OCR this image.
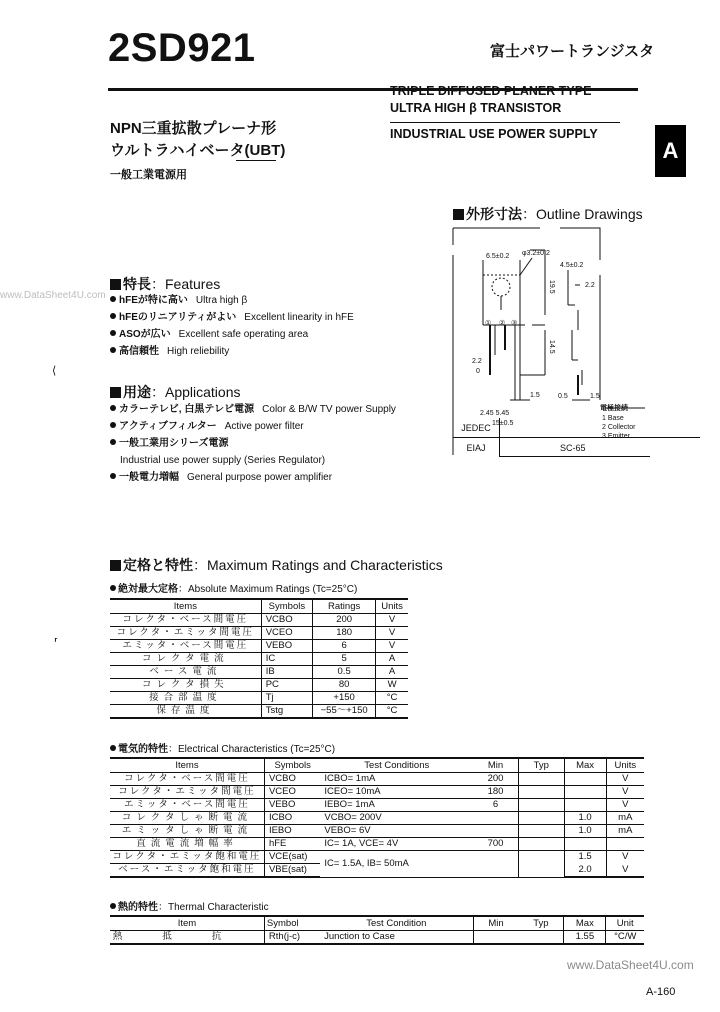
2SD921	富士パワートランジスタ
NPN三重拡散プレーナ形
ウルトラハイベータ(UBT)
一般工業電源用
TRIPLE DIFFUSED PLANER TYPE
ULTRA HIGH β TRANSISTOR
INDUSTRIAL USE POWER SUPPLY
A
www.DataSheet4U.com
⟨
⸢
特長：Features
hFEが特に高い Ultra high β
hFEのリニアリティがよい Excellent linearity in hFE
ASOが広い Excellent safe operating area
高信頼性 High reliebility
用途：Applications
カラーテレビ, 白黒テレビ電源 Color & B/W TV power Supply
アクティブフィルター Active power filter
一般工業用シリーズ電源
Industrial use power supply (Series Regulator)
一般電力増幅 General purpose power amplifier
外形寸法：Outline Drawings
6.5±0.2 φ3.2±0.2
19.5
14.5
① ② ③
2.2
0
2.45 5.45
15±0.5
1.5
4.5±0.2
2.2
0.5	1.5
電極接続
1 Base
2 Collector
3 Emitter
JEDEC	
EIAJ	SC-65
定格と特性：Maximum Ratings and Characteristics
絶対最大定格：Absolute Maximum Ratings (Tc=25°C)
Items	Symbols	Ratings	Units
コレクタ・ベース間電圧	VCBO	200	V
コレクタ・エミッタ間電圧	VCEO	180	V
エミッタ・ベース間電圧	VEBO	6	V
コレクタ電流	IC	5	A
ベース電流	IB	0.5	A
コレクタ損失	PC	80	W
接合部温度	Tj	+150	°C
保存温度	Tstg	−55～+150	°C
電気的特性：Electrical Characteristics (Tc=25°C)
Items	Symbols	Test Conditions	Min	Typ	Max	Units
コレクタ・ベース間電圧	VCBO	ICBO= 1mA	200			V
コレクタ・エミッタ間電圧	VCEO	ICEO= 10mA	180			V
エミッタ・ベース間電圧	VEBO	IEBO= 1mA	6			V
コレクタしゃ断電流	ICBO	VCBO= 200V			1.0	mA
エミッタしゃ断電流	IEBO	VEBO= 6V			1.0	mA
直流電流増幅率	hFE	IC= 1A, VCE= 4V	700			
コレクタ・エミッタ飽和電圧	VCE(sat)	IC= 1.5A, IB= 50mA			1.5	V
ベース・エミッタ飽和電圧	VBE(sat)				2.0	V
熱的特性：Thermal Characteristic
Item	Symbol	Test Condition	Min	Typ	Max	Unit
熱抵抗	Rth(j-c)	Junction to Case			1.55	°C/W
www.DataSheet4U.com
A-160
